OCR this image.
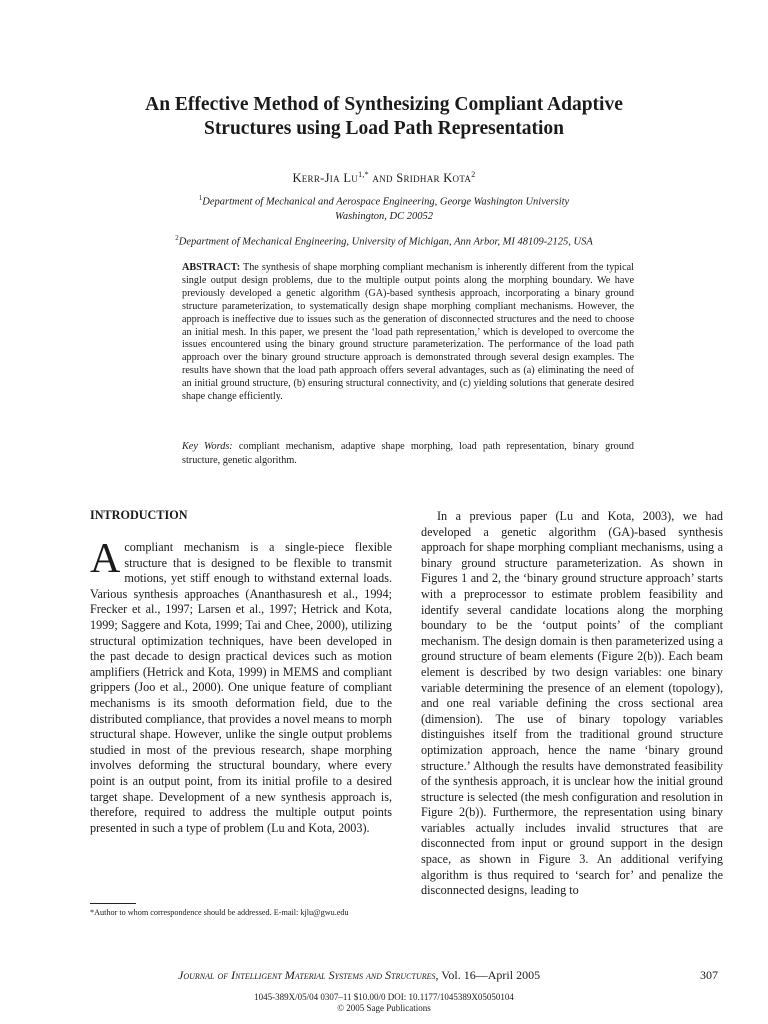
An Effective Method of Synthesizing Compliant Adaptive
Structures using Load Path Representation
Kerr-Jia $Lu^{1,*}$ and Sridhar Kota$^2$
$^1$Department of Mechanical and Aerospace Engineering, George Washington University
Washington, DC 20052
$^2$Department of Mechanical Engineering, University of Michigan, Ann Arbor, MI 48109-2125, USA
ABSTRACT: The synthesis of shape morphing compliant mechanism is inherently different from the typical single output design problems, due to the multiple output points along the morphing boundary. We have previously developed a genetic algorithm (GA)-based synthesis approach, incorporating a binary ground structure parameterization, to systematically design shape morphing compliant mechanisms. However, the approach is ineffective due to issues such as the generation of disconnected structures and the need to choose an initial mesh. In this paper, we present the ‘load path representation,’ which is developed to overcome the issues encountered using the binary ground structure parameterization. The performance of the load path approach over the binary ground structure approach is demonstrated through several design examples. The results have shown that the load path approach offers several advantages, such as (a) eliminating the need of an initial ground structure, (b) ensuring structural connectivity, and (c) yielding solutions that generate desired shape change efficiently.
Key Words: compliant mechanism, adaptive shape morphing, load path representation, binary ground structure, genetic algorithm.
INTRODUCTION

Acompliant mechanism is a single-piece flexible structure that is designed to be flexible to transmit motions, yet stiff enough to withstand external loads. Various synthesis approaches (Ananthasuresh et al., 1994; Frecker et al., 1997; Larsen et al., 1997; Hetrick and Kota, 1999; Saggere and Kota, 1999; Tai and Chee, 2000), utilizing structural optimization techniques, have been developed in the past decade to design practical devices such as motion amplifiers (Hetrick and Kota, 1999) in MEMS and compliant grippers (Joo et al., 2000). One unique feature of compliant mechanisms is its smooth deformation field, due to the distributed compliance, that provides a novel means to morph structural shape. However, unlike the single output problems studied in most of the previous research, shape morphing involves deforming the structural boundary, where every point is an output point, from its initial profile to a desired target shape. Development of a new synthesis approach is, therefore, required to address the multiple output points presented in such a type of problem (Lu and Kota, 2003).

In a previous paper (Lu and Kota, 2003), we had developed a genetic algorithm (GA)-based synthesis approach for shape morphing compliant mechanisms, using a binary ground structure parameterization. As shown in Figures 1 and 2, the ‘binary ground structure approach’ starts with a preprocessor to estimate problem feasibility and identify several candidate locations along the morphing boundary to be the ‘output points’ of the compliant mechanism. The design domain is then parameterized using a ground structure of beam elements (Figure 2(b)). Each beam element is described by two design variables: one binary variable determining the presence of an element (topology), and one real variable defining the cross sectional area (dimension). The use of binary topology variables distinguishes itself from the traditional ground structure optimization approach, hence the name ‘binary ground structure.’ Although the results have demonstrated feasibility of the synthesis approach, it is unclear how the initial ground structure is selected (the mesh configuration and resolution in Figure 2(b)). Furthermore, the representation using binary variables actually includes invalid structures that are disconnected from input or ground support in the design space, as shown in Figure 3. An additional verifying algorithm is thus required to ‘search for’ and penalize the disconnected designs, leading to

*Author to whom correspondence should be addressed. E-mail: kjlu@gwu.edu
Journal of Intelligent Material Systems and Structures, Vol. 16—April 2005	307
1045-389X/05/04 0307–11 $10.00/0 DOI: 10.1177/1045389X05050104
© 2005 Sage Publications
